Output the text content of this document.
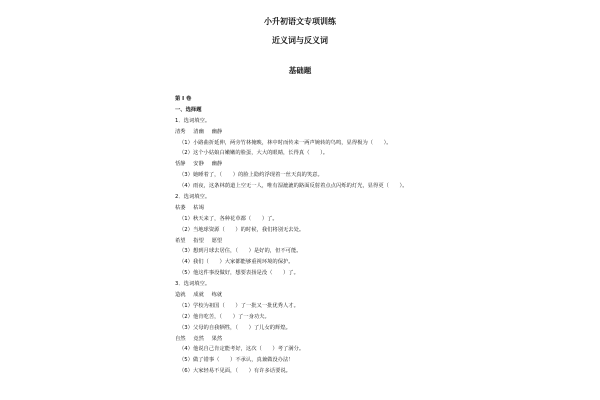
小升初语文专项训练
近义词与反义词
基础题
第 I 卷
一、选择题
1．选词填空。
清秀 清幽 幽静
（1）小路曲折延伸，两旁竹林掩映，林中时而传来一两声婉转的鸟鸣，显得极为（　　）。
（2）这个小姑娘白嫩嫩的脸蛋，大大的眼睛，长得真（　　）。
恬静 安静 幽静
（3）她睡着了，（　　）的脸上隐约浮现着一丝天真的笑意。
（4）雨夜，这条林荫道上空无一人，唯有湿漉漉的路面反射着点点闪烁的灯光，显得更（　　）。
2．选词填空。
枯萎 枯竭
（1）秋天来了，各种花草都（　　）了。
（2）当地球资源（　　）的时候，我们将别无去处。
希望 指望 愿望
（3）想到月球去居住，（　　）是好的，但不可能。
（4）我们（　　）大家都能够重视环境的保护。
（5）他这件事没做好，想要表扬是没（　　）了。
3．选词填空。
造就 成就 练就
（1）学校为祖国（　　）了一批又一批优秀人才。
（2）他肯吃苦，（　　）了一身功夫。
（3）父母的自我牺牲，（　　）了儿女的辉煌。
自然 竟然 果然
（4）他说自己肯定能考好，这次（　　）考了满分。
（5）做了错事（　　）不承认，真兼做没办法！
（6）大家轻易不见面，（　　）有许多话要说。
